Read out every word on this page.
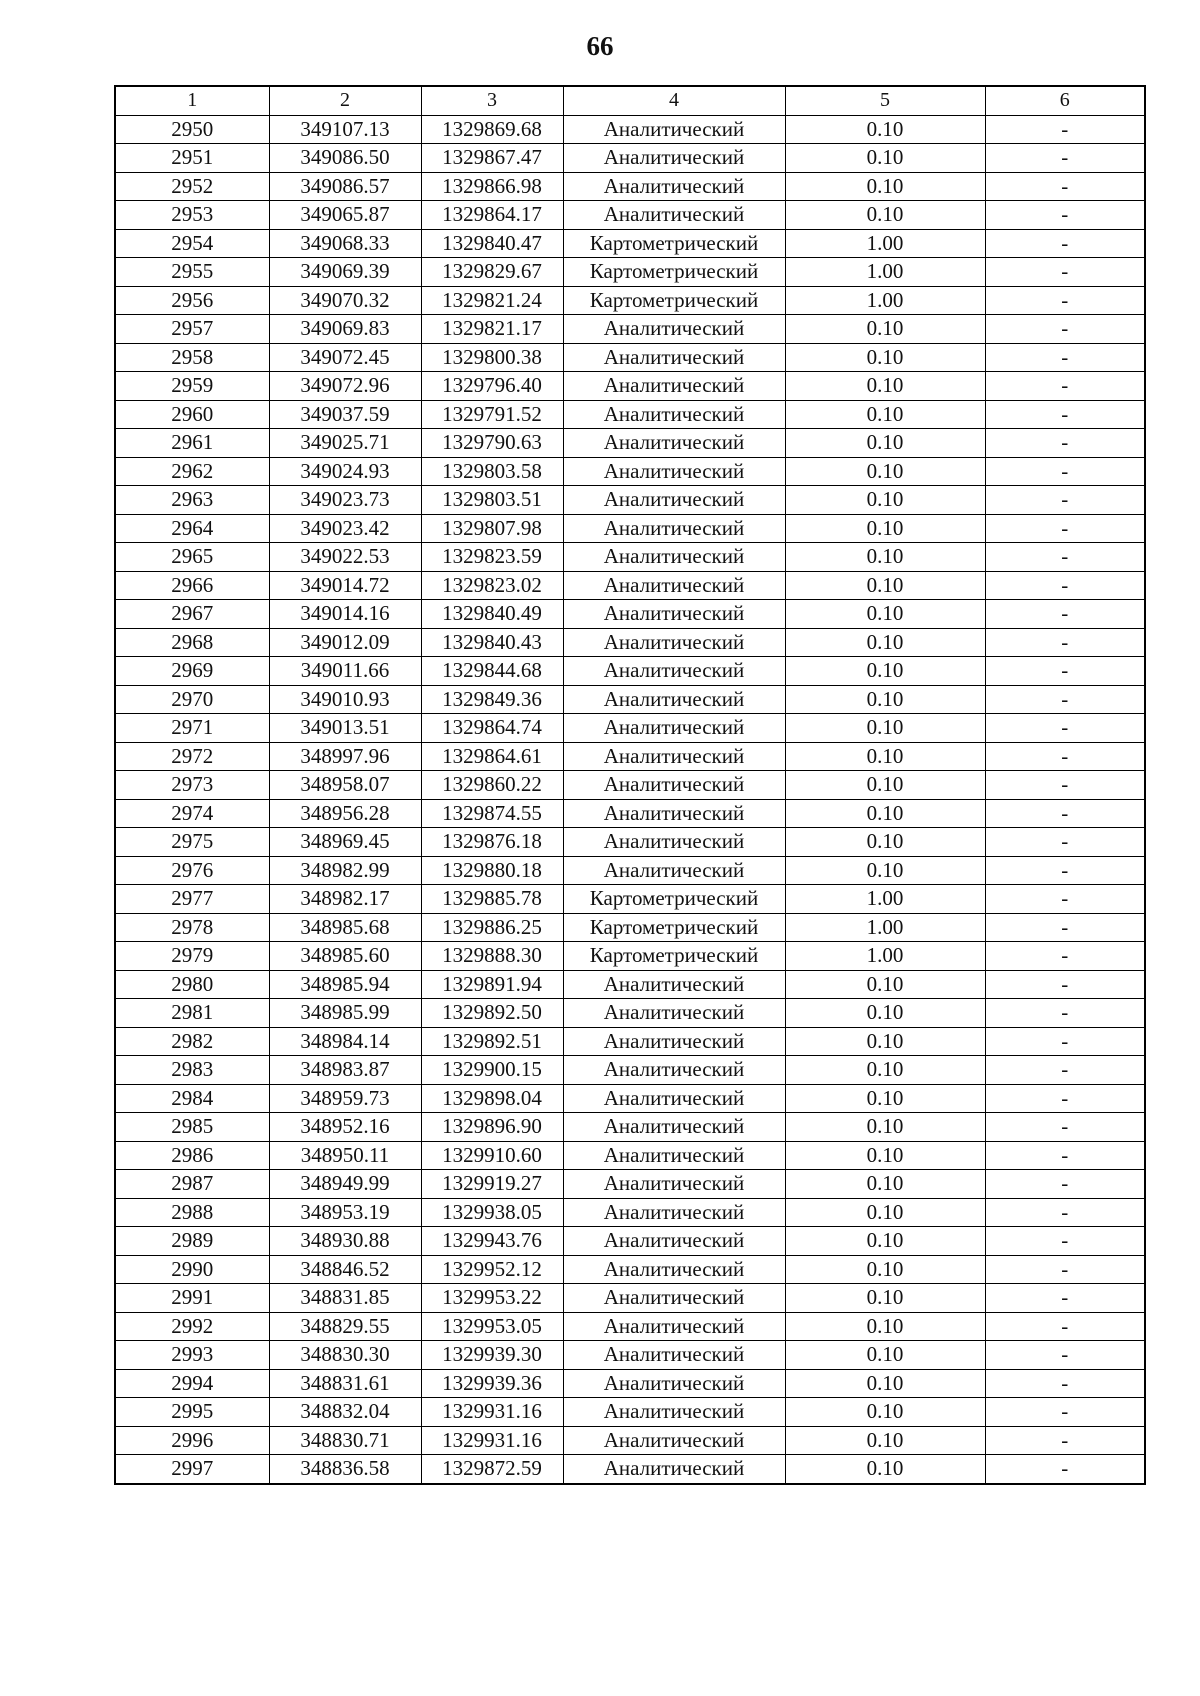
66
1	2	3	4	5	6
2950	349107.13	1329869.68	Аналитический	0.10	-
2951	349086.50	1329867.47	Аналитический	0.10	-
2952	349086.57	1329866.98	Аналитический	0.10	-
2953	349065.87	1329864.17	Аналитический	0.10	-
2954	349068.33	1329840.47	Картометрический	1.00	-
2955	349069.39	1329829.67	Картометрический	1.00	-
2956	349070.32	1329821.24	Картометрический	1.00	-
2957	349069.83	1329821.17	Аналитический	0.10	-
2958	349072.45	1329800.38	Аналитический	0.10	-
2959	349072.96	1329796.40	Аналитический	0.10	-
2960	349037.59	1329791.52	Аналитический	0.10	-
2961	349025.71	1329790.63	Аналитический	0.10	-
2962	349024.93	1329803.58	Аналитический	0.10	-
2963	349023.73	1329803.51	Аналитический	0.10	-
2964	349023.42	1329807.98	Аналитический	0.10	-
2965	349022.53	1329823.59	Аналитический	0.10	-
2966	349014.72	1329823.02	Аналитический	0.10	-
2967	349014.16	1329840.49	Аналитический	0.10	-
2968	349012.09	1329840.43	Аналитический	0.10	-
2969	349011.66	1329844.68	Аналитический	0.10	-
2970	349010.93	1329849.36	Аналитический	0.10	-
2971	349013.51	1329864.74	Аналитический	0.10	-
2972	348997.96	1329864.61	Аналитический	0.10	-
2973	348958.07	1329860.22	Аналитический	0.10	-
2974	348956.28	1329874.55	Аналитический	0.10	-
2975	348969.45	1329876.18	Аналитический	0.10	-
2976	348982.99	1329880.18	Аналитический	0.10	-
2977	348982.17	1329885.78	Картометрический	1.00	-
2978	348985.68	1329886.25	Картометрический	1.00	-
2979	348985.60	1329888.30	Картометрический	1.00	-
2980	348985.94	1329891.94	Аналитический	0.10	-
2981	348985.99	1329892.50	Аналитический	0.10	-
2982	348984.14	1329892.51	Аналитический	0.10	-
2983	348983.87	1329900.15	Аналитический	0.10	-
2984	348959.73	1329898.04	Аналитический	0.10	-
2985	348952.16	1329896.90	Аналитический	0.10	-
2986	348950.11	1329910.60	Аналитический	0.10	-
2987	348949.99	1329919.27	Аналитический	0.10	-
2988	348953.19	1329938.05	Аналитический	0.10	-
2989	348930.88	1329943.76	Аналитический	0.10	-
2990	348846.52	1329952.12	Аналитический	0.10	-
2991	348831.85	1329953.22	Аналитический	0.10	-
2992	348829.55	1329953.05	Аналитический	0.10	-
2993	348830.30	1329939.30	Аналитический	0.10	-
2994	348831.61	1329939.36	Аналитический	0.10	-
2995	348832.04	1329931.16	Аналитический	0.10	-
2996	348830.71	1329931.16	Аналитический	0.10	-
2997	348836.58	1329872.59	Аналитический	0.10	-
